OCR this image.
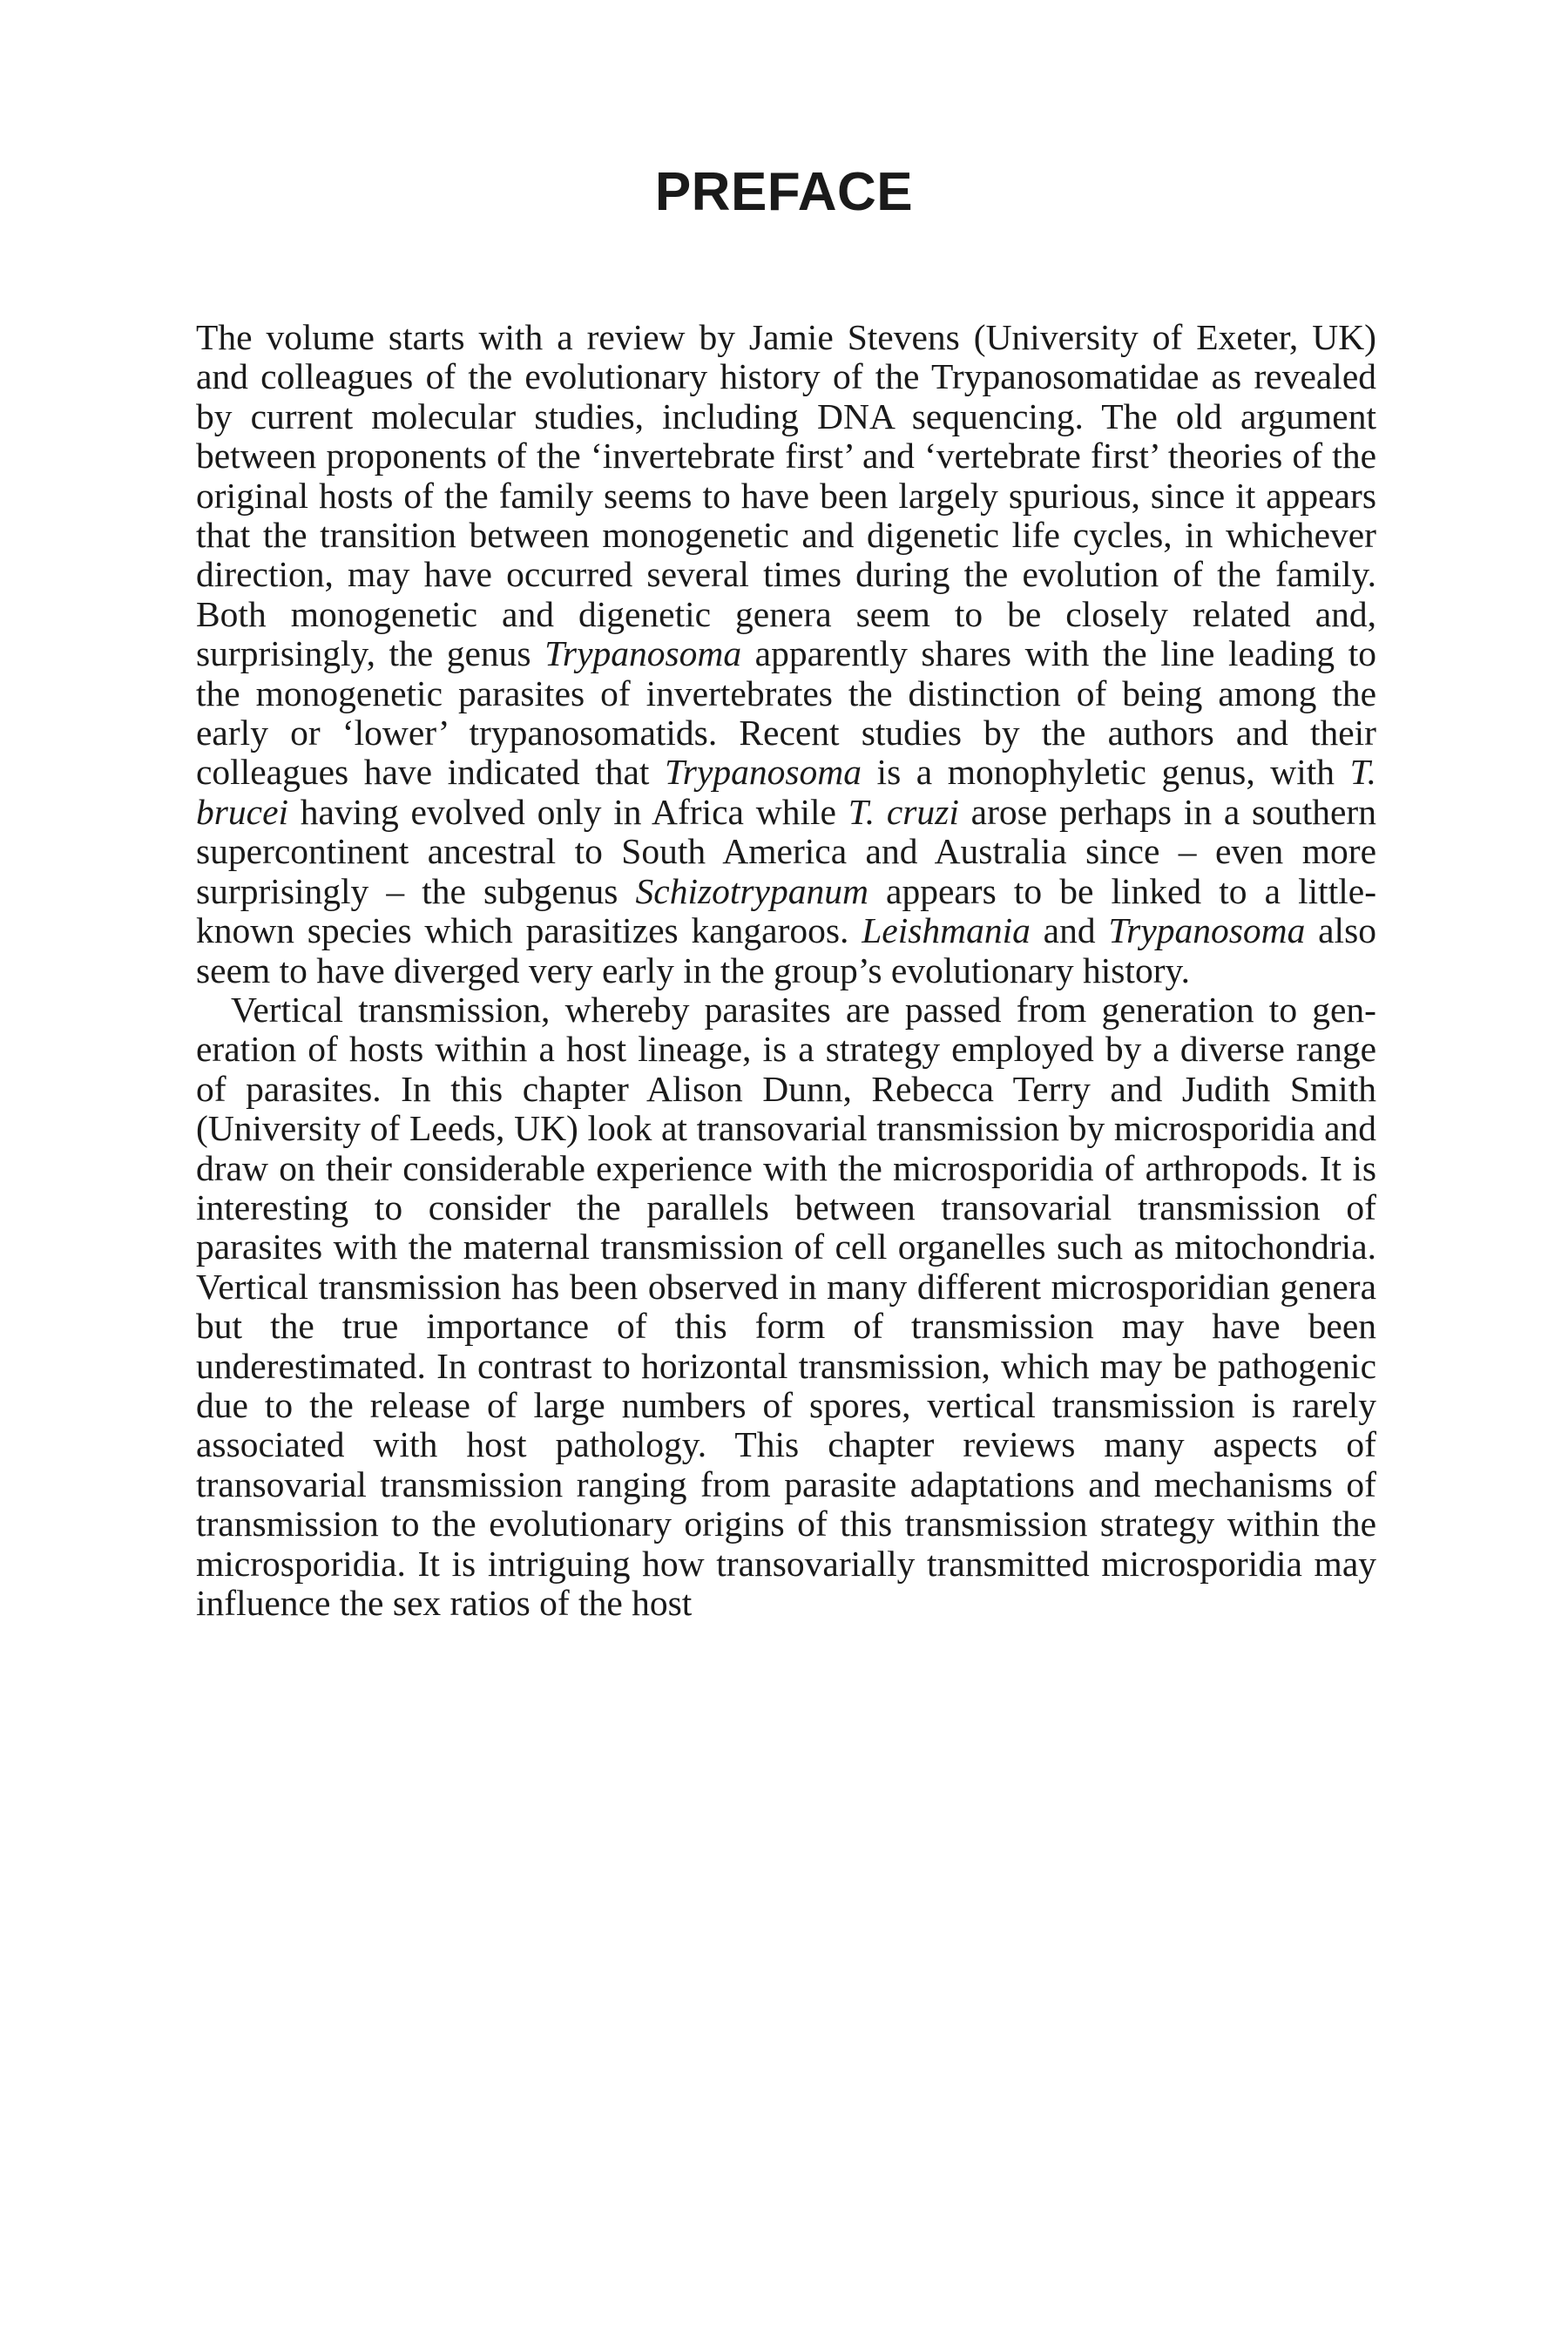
PREFACE

The volume starts with a review by Jamie Stevens (University of Exeter, UK) and colleagues of the evolutionary history of the Trypanosomatidae as revealed by current molecular studies, including DNA sequencing. The old argument between proponents of the ‘invertebrate first’ and ‘vertebrate first’ theories of the original hosts of the family seems to have been largely spurious, since it appears that the transition between monogenetic and digenetic life cycles, in whichever direction, may have occurred several times during the evolution of the family. Both monogenetic and digenetic genera seem to be closely related and, surprisingly, the genus Trypanosoma apparently shares with the line leading to the monogenetic parasites of invertebrates the distinction of being among the early or ‘lower’ trypanosomatids. Recent studies by the authors and their colleagues have indicated that Trypanosoma is a monophyletic genus, with T. brucei having evolved only in Africa while T. cruzi arose perhaps in a southern supercontinent ancestral to South America and Australia since – even more surprisingly – the subgenus Schizotrypanum appears to be linked to a little-known species which parasitizes kangaroos. Leishmania and Trypanosoma also seem to have diverged very early in the group’s evolutionary history.

Vertical transmission, whereby parasites are passed from generation to generation of hosts within a host lineage, is a strategy employed by a diverse range of parasites. In this chapter Alison Dunn, Rebecca Terry and Judith Smith (University of Leeds, UK) look at transovarial transmission by microsporidia and draw on their considerable experience with the microsporidia of arthropods. It is interesting to consider the parallels between transovarial transmission of parasites with the maternal transmission of cell organelles such as mitochondria. Vertical transmission has been observed in many different microsporidian genera but the true importance of this form of transmission may have been underestimated. In contrast to horizontal transmission, which may be pathogenic due to the release of large numbers of spores, vertical transmission is rarely associated with host pathology. This chapter reviews many aspects of transovarial transmission ranging from parasite adaptations and mechanisms of transmission to the evolutionary origins of this transmission strategy within the microsporidia. It is intriguing how transovarially transmitted microsporidia may influence the sex ratios of the host
